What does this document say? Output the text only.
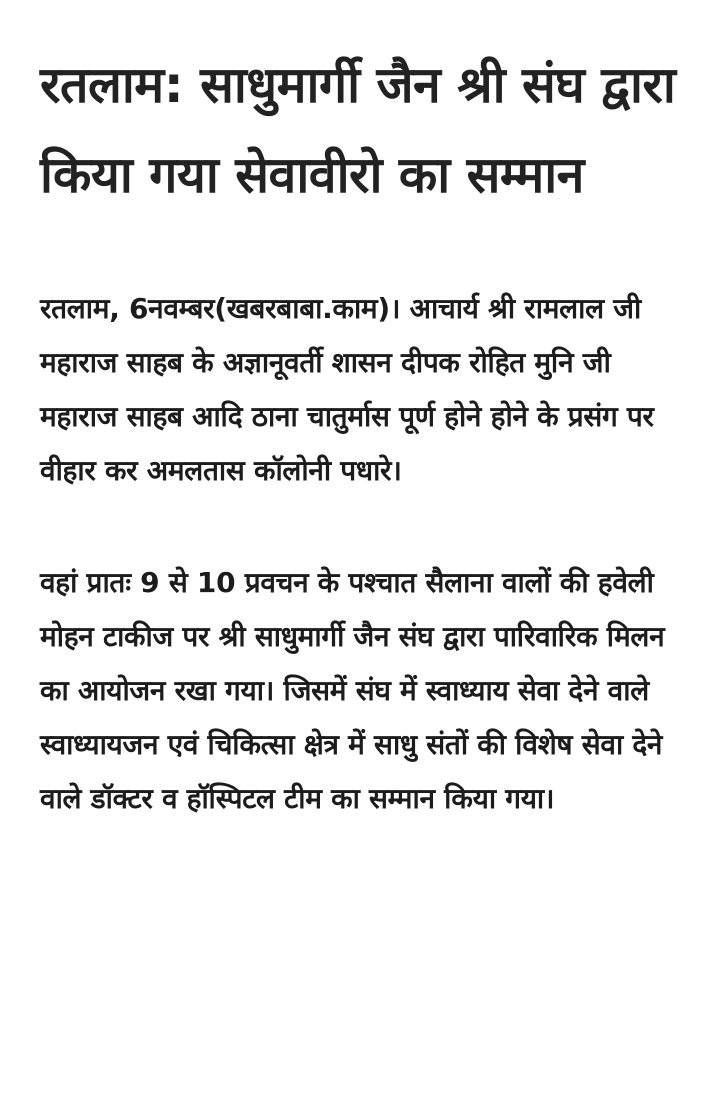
रतलाम: साधुमार्गी जैन श्री संघ द्वारा किया गया सेवावीरो का सम्मान

रतलाम, 6नवम्बर(खबरबाबा.काम)। आचार्य श्री रामलाल जी महाराज साहब के अज्ञानूवर्ती शासन दीपक रोहित मुनि जी महाराज साहब आदि ठाना चातुर्मास पूर्ण होने होने के प्रसंग पर वीहार कर अमलतास कॉलोनी पधारे।

वहां प्रातः 9 से 10 प्रवचन के पश्चात सैलाना वालों की हवेली मोहन टाकीज पर श्री साधुमार्गी जैन संघ द्वारा पारिवारिक मिलन का आयोजन रखा गया। जिसमें संघ में स्वाध्याय सेवा देने वाले स्वाध्यायजन एवं चिकित्सा क्षेत्र में साधु संतों की विशेष सेवा देने वाले डॉक्टर व हॉस्पिटल टीम का सम्मान किया गया।
